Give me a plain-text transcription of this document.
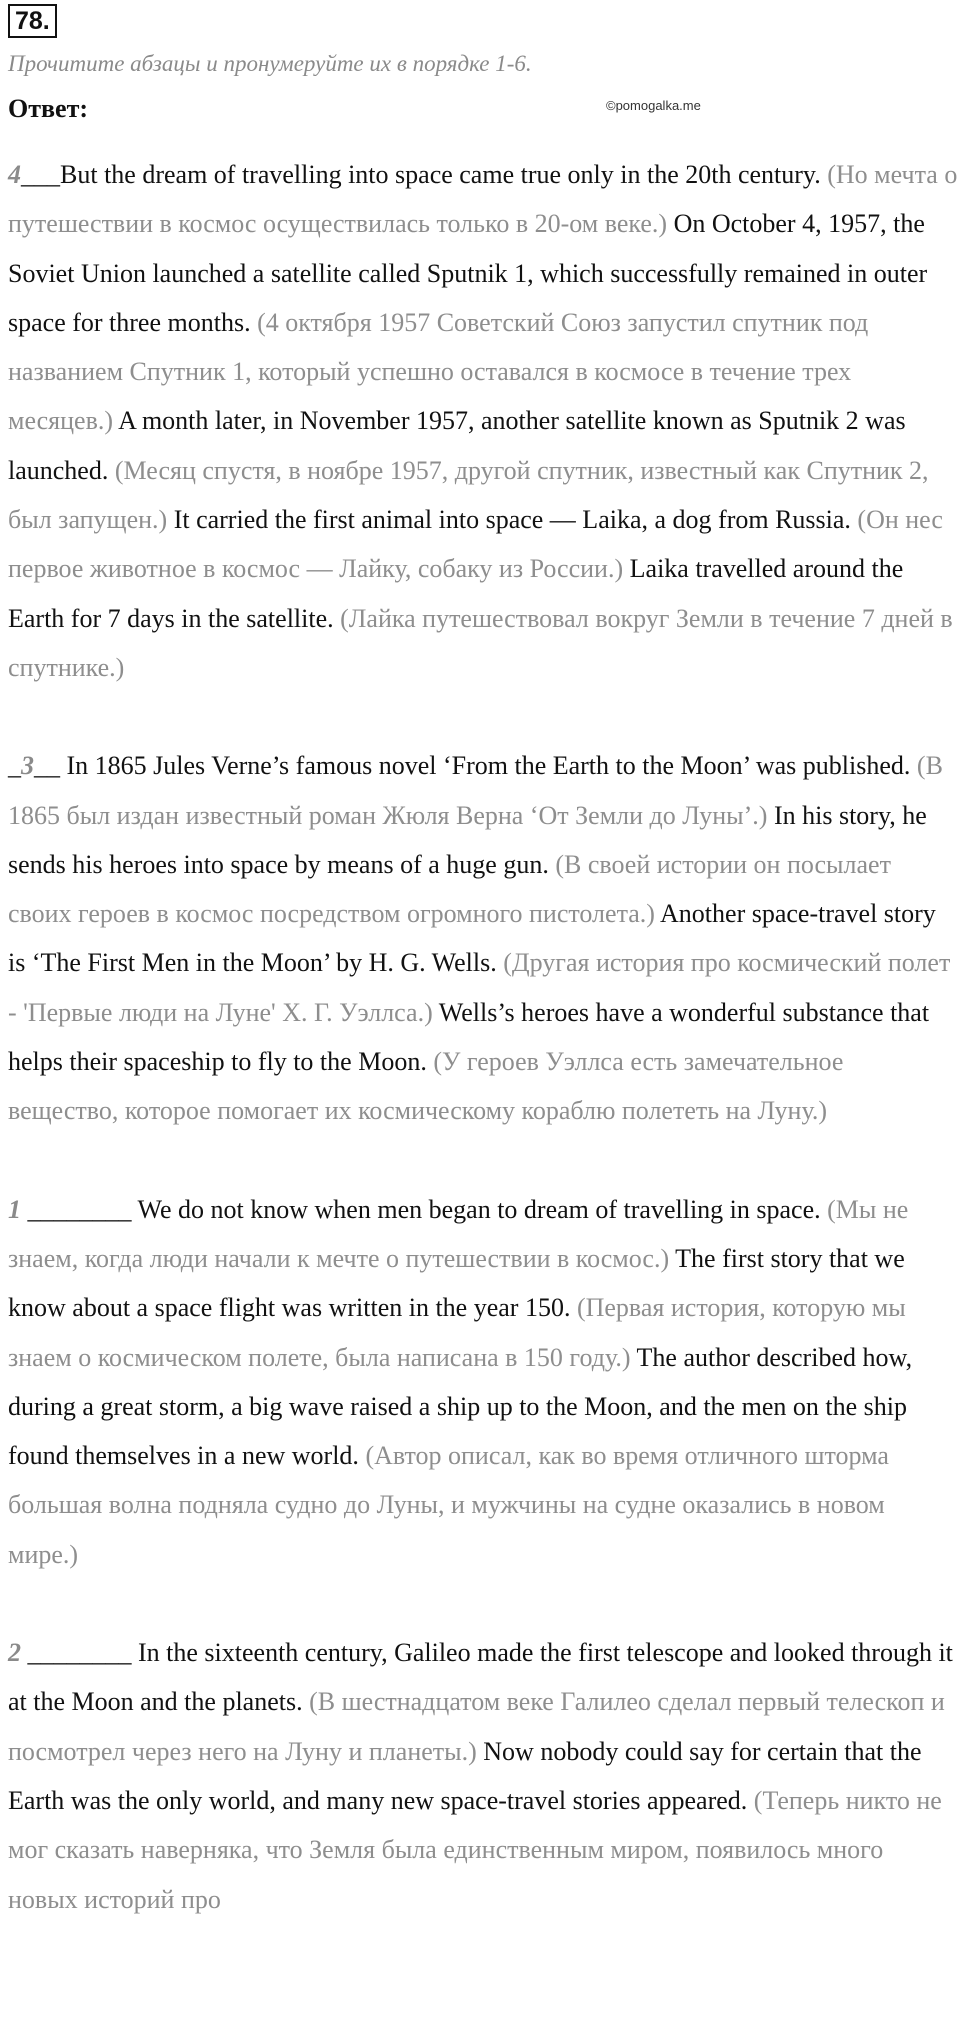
78.
Прочитите абзацы и пронумеруйте их в порядке 1-6.
Ответ:	©pomogalka.me

4___But the dream of travelling into space came true only in the 20th century. (Но мечта о путешествии в космос осуществилась только в 20-ом веке.) On October 4, 1957, the Soviet Union launched a satellite called Sputnik 1, which successfully remained in outer space for three months. (4 октября 1957 Советский Союз запустил спутник под названием Спутник 1, который успешно оставался в космосе в течение трех месяцев.) A month later, in November 1957, another satellite known as Sputnik 2 was launched. (Месяц спустя, в ноябре 1957, другой спутник, известный как Спутник 2, был запущен.) It carried the first animal into space — Laika, a dog from Russia. (Он нес первое животное в космос — Лайку, собаку из России.) Laika travelled around the Earth for 7 days in the satellite. (Лайка путешествовал вокруг Земли в течение 7 дней в спутнике.)

_3__ In 1865 Jules Verne’s famous novel ‘From the Earth to the Moon’ was published. (В 1865 был издан известный роман Жюля Верна ‘От Земли до Луны’.) In his story, he sends his heroes into space by means of a huge gun. (В своей истории он посылает своих героев в космос посредством огромного пистолета.) Another space-travel story is ‘The First Men in the Moon’ by H. G. Wells. (Другая история про космический полет - 'Первые люди на Луне' Х. Г. Уэллса.) Wells’s heroes have a wonderful substance that helps their spaceship to fly to the Moon. (У героев Уэллса есть замечательное вещество, которое помогает их космическому кораблю полететь на Луну.)

1 ________ We do not know when men began to dream of travelling in space. (Мы не знаем, когда люди начали к мечте о путешествии в космос.) The first story that we know about a space flight was written in the year 150. (Первая история, которую мы знаем о космическом полете, была написана в 150 году.) The author described how, during a great storm, a big wave raised a ship up to the Moon, and the men on the ship found themselves in a new world. (Автор описал, как во время отличного шторма большая волна подняла судно до Луны, и мужчины на судне оказались в новом мире.)

2 ________ In the sixteenth century, Galileo made the first telescope and looked through it at the Moon and the planets. (В шестнадцатом веке Галилео сделал первый телескоп и посмотрел через него на Луну и планеты.) Now nobody could say for certain that the Earth was the only world, and many new space-travel stories appeared. (Теперь никто не мог сказать наверняка, что Земля была единственным миром, появилось много новых историй про
